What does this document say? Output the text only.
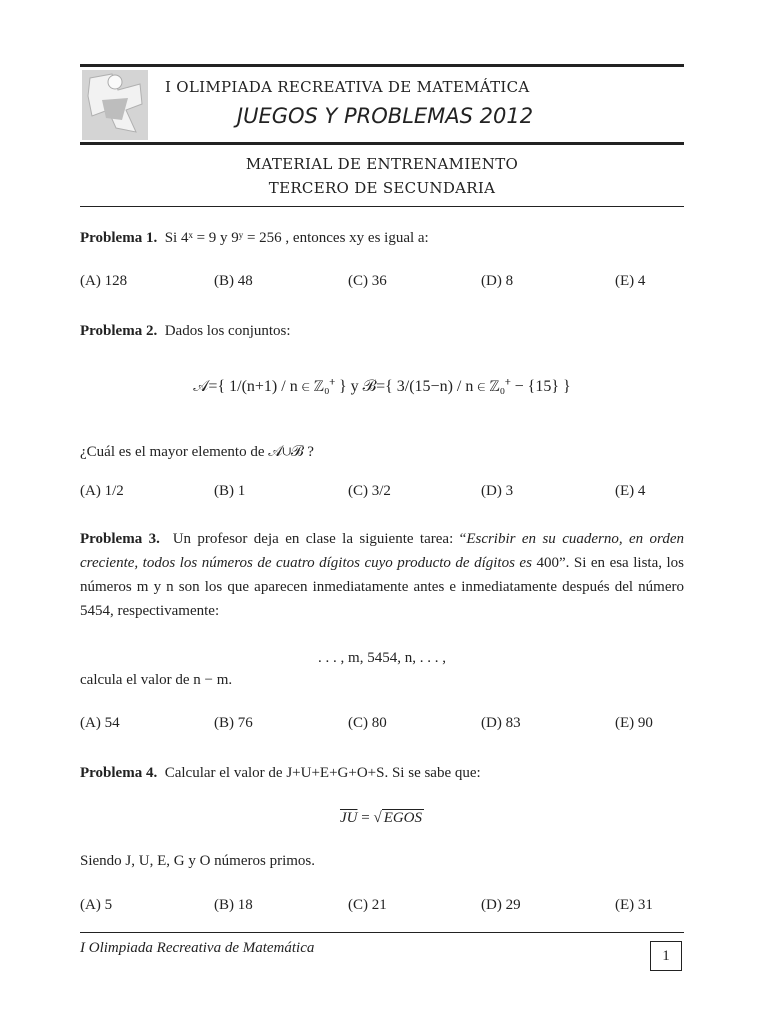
I OLIMPIADA RECREATIVA DE MATEMÁTICA
JUEGOS Y PROBLEMAS 2012
MATERIAL DE ENTRENAMIENTO
TERCERO DE SECUNDARIA
Problema 1. Si 4ˣ = 9 y 9ʸ = 256 , entonces xy es igual a:
(A) 128	(B) 48	(C) 36	(D) 8	(E) 4
Problema 2. Dados los conjuntos:
𝒜={ 1/(n+1) / n ∈ ℤ₀⁺ } y ℬ={ 3/(15−n) / n ∈ ℤ₀⁺ − {15} }
¿Cuál es el mayor elemento de 𝒜∪ℬ ?
(A) 1/2	(B) 1	(C) 3/2	(D) 3	(E) 4
Problema 3. Un profesor deja en clase la siguiente tarea: “Escribir en su cuaderno, en orden creciente, todos los números de cuatro dígitos cuyo producto de dígitos es 400”. Si en esa lista, los números m y n son los que aparecen inmediatamente antes e inmediatamente después del número 5454, respectivamente:
. . . , m, 5454, n, . . . ,
calcula el valor de n − m.
(A) 54	(B) 76	(C) 80	(D) 83	(E) 90
Problema 4. Calcular el valor de J+U+E+G+O+S. Si se sabe que:
$\overline{JU}$ = √ EGOS
Siendo J, U, E, G y O números primos.
(A) 5	(B) 18	(C) 21	(D) 29	(E) 31
I Olimpiada Recreativa de Matemática	1
